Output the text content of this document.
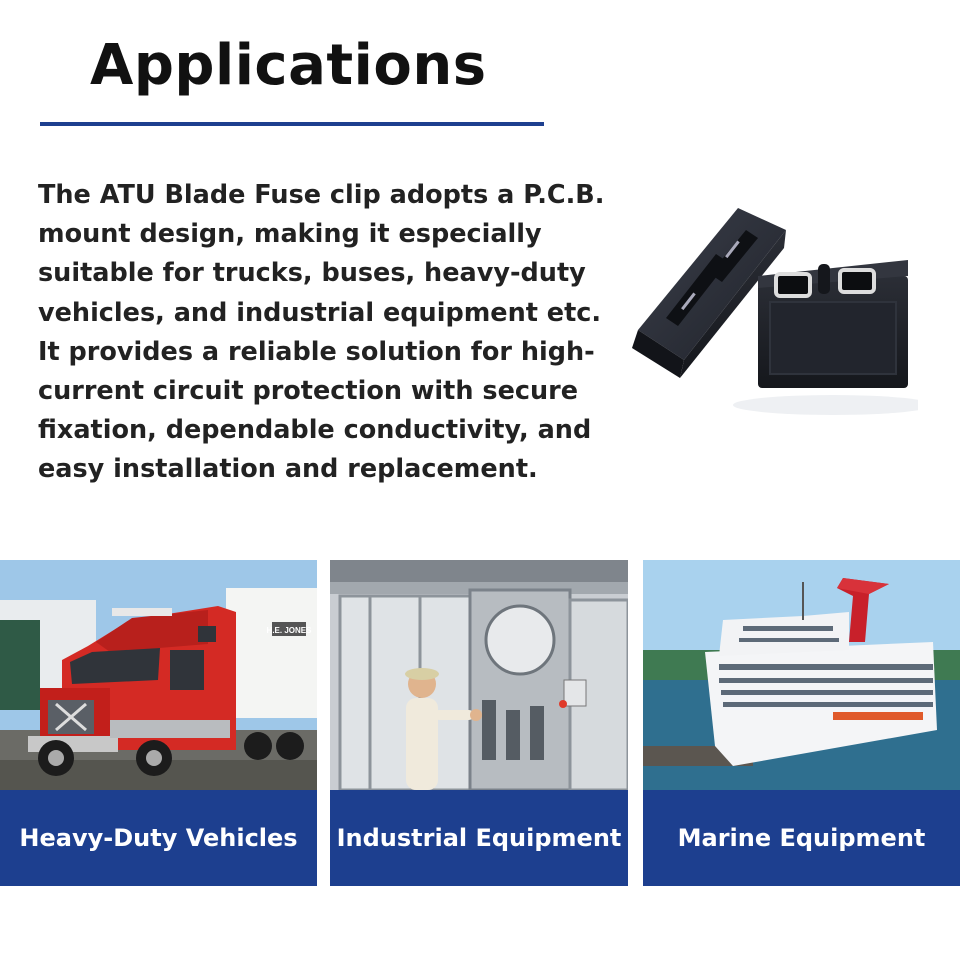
Applications

The ATU Blade Fuse clip adopts a P.C.B. mount design, making it especially suitable for trucks, buses, heavy-duty vehicles, and industrial equipment etc. It provides a reliable solution for high-current circuit protection with secure fixation, dependable conductivity, and easy installation and replacement.

H.E. JONES
Heavy-Duty Vehicles Industrial Equipment Marine Equipment
